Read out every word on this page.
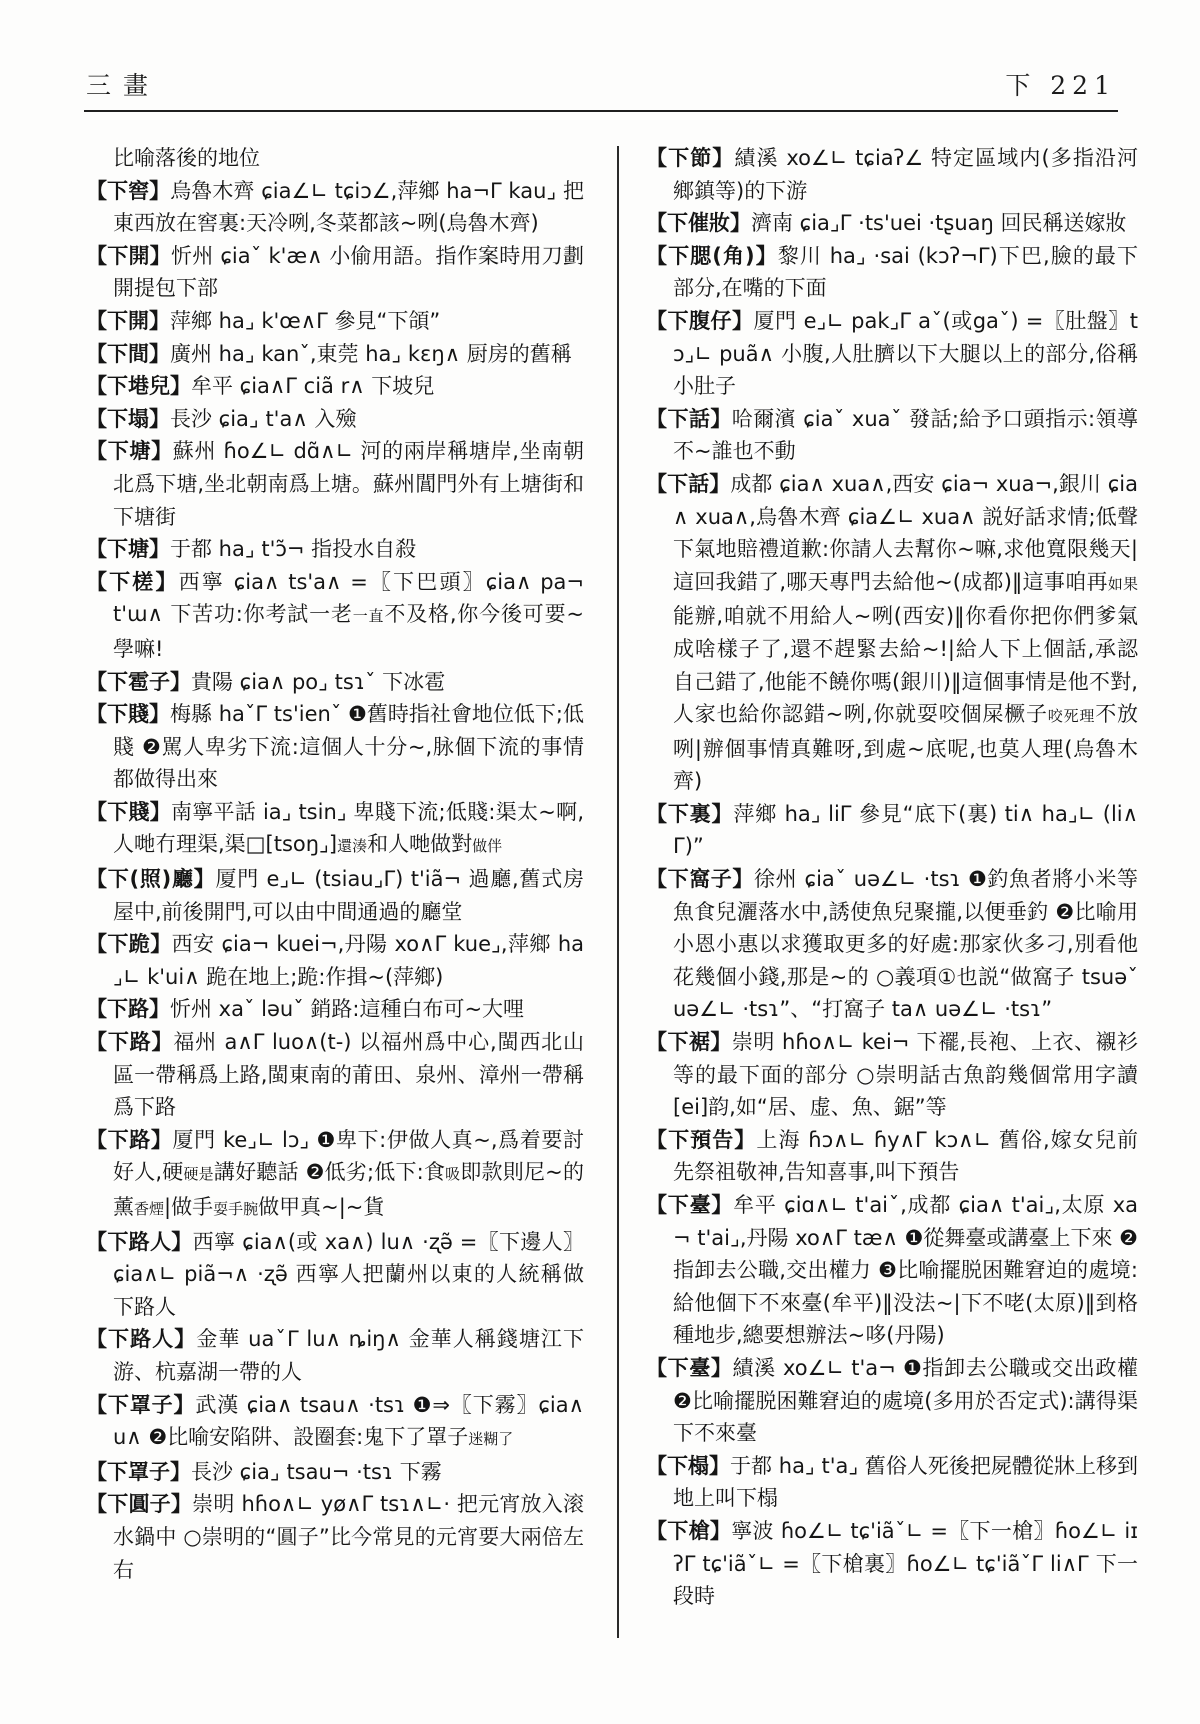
三 畫	下 221

比喻落後的地位

【下窖】烏魯木齊 ɕia∠∟ tɕiɔ∠,萍鄉 ha¬Γ kau⌟ 把東西放在窖裏:天冷咧,冬菜都該~咧(烏魯木齊)

【下開】忻州 ɕiaˇ k'æ∧ 小偷用語。指作案時用刀劃開提包下部

【下開】萍鄉 ha⌟ k'œ∧Γ 參見“下頜”

【下間】廣州 ha⌟ kanˇ,東莞 ha⌟ kɛŋ∧ 厨房的舊稱

【下塂兒】牟平 ɕia∧Γ ciã r∧ 下坡兒

【下塌】長沙 ɕia⌟ t'a∧ 入殮

【下塘】蘇州 ɦo∠∟ dɑ̃∧∟ 河的兩岸稱塘岸,坐南朝北爲下塘,坐北朝南爲上塘。蘇州閶門外有上塘街和下塘街

【下塘】于都 ha⌟ t'ɔ̃¬ 指投水自殺

【下槎】西寧 ɕia∧ ts'a∧ =〖下巴頭〗ɕia∧ pa¬ t'ɯ∧ 下苦功:你考試一老一直不及格,你今後可要~學嘛!

【下雹子】貴陽 ɕia∧ po⌟ tsɿˇ 下冰雹

【下賤】梅縣 haˇΓ ts'ienˇ ❶舊時指社會地位低下;低賤 ❷駡人卑劣下流:這個人十分~,脉個下流的事情都做得出來

【下賤】南寧平話 ia⌟ tsin⌟ 卑賤下流;低賤:渠太~啊,人哋冇理渠,渠□[tsoŋ⌟]還湊和人哋做對做伴

【下(照)廳】厦門 e⌟∟ (tsiau⌟Γ) t'iã¬ 過廳,舊式房屋中,前後開門,可以由中間通過的廳堂

【下跪】西安 ɕia¬ kuei¬,丹陽 xo∧Γ kue⌟,萍鄉 ha⌟∟ k'ui∧ 跪在地上;跪:作揖~(萍鄉)

【下路】忻州 xaˇ ləuˇ 銷路:這種白布可~大哩

【下路】福州 a∧Γ luo∧(t-) 以福州爲中心,閩西北山區一帶稱爲上路,閩東南的莆田、泉州、漳州一帶稱爲下路

【下路】厦門 ke⌟∟ lɔ⌟ ❶卑下:伊做人真~,爲着要討好人,硬硬是講好聽話 ❷低劣;低下:食吸即款則尼~的薰香煙|做手耍手腕做甲真~|~貨

【下路人】西寧 ɕia∧(或 xa∧) lu∧ ·ʐə̃ =〖下邊人〗ɕia∧∟ piã¬∧ ·ʐə̃ 西寧人把蘭州以東的人統稱做下路人

【下路人】金華 uaˇΓ lu∧ ȵiŋ∧ 金華人稱錢塘江下游、杭嘉湖一帶的人

【下罩子】武漢 ɕia∧ tsau∧ ·tsɿ ❶⇒〖下霧〗ɕia∧ u∧ ❷比喻安陷阱、設圈套:鬼下了罩子迷糊了

【下罩子】長沙 ɕia⌟ tsau¬ ·tsɿ 下霧

【下圓子】崇明 hɦo∧∟ yø∧Γ tsɿ∧∟· 把元宵放入滚水鍋中 ○崇明的“圓子”比今常見的元宵要大兩倍左右

【下節】績溪 xo∠∟ tɕiaʔ∠ 特定區域内(多指沿河鄉鎮等)的下游

【下催妝】濟南 ɕia⌟Γ ·ts'uei ·tʂuaŋ 回民稱送嫁妝

【下腮(角)】黎川 ha⌟ ·sai (kɔʔ¬Γ)下巴,臉的最下部分,在嘴的下面

【下腹仔】厦門 e⌟∟ pak⌟Γ aˇ(或gaˇ) =〖肚盤〗tɔ⌟∟ puã∧ 小腹,人肚臍以下大腿以上的部分,俗稱小肚子

【下話】哈爾濱 ɕiaˇ xuaˇ 發話;給予口頭指示:領導不~誰也不動

【下話】成都 ɕia∧ xua∧,西安 ɕia¬ xua¬,銀川 ɕia∧ xua∧,烏魯木齊 ɕia∠∟ xua∧ 説好話求情;低聲下氣地賠禮道歉:你請人去幫你~嘛,求他寬限幾天|這回我錯了,哪天專門去給他~(成都)‖這事咱再如果能辦,咱就不用給人~咧(西安)‖你看你把你們爹氣成啥樣子了,還不趕緊去給~!|給人下上個話,承認自己錯了,他能不饒你嗎(銀川)‖這個事情是他不對,人家也給你認錯~咧,你就耍咬個屎橛子咬死理不放咧|辦個事情真難呀,到處~底呢,也莫人理(烏魯木齊)

【下裏】萍鄉 ha⌟ liΓ 參見“底下(裏) ti∧ ha⌟∟ (li∧Γ)”

【下窩子】徐州 ɕiaˇ uə∠∟ ·tsɿ ❶釣魚者將小米等魚食兒灑落水中,誘使魚兒聚攏,以便垂釣 ❷比喻用小恩小惠以求獲取更多的好處:那家伙多刁,別看他花幾個小錢,那是~的 ○義項①也説“做窩子 tsuəˇ uə∠∟ ·tsɿ”、“打窩子 ta∧ uə∠∟ ·tsɿ”

【下裾】崇明 hɦo∧∟ kei¬ 下襬,長袍、上衣、襯衫等的最下面的部分 ○崇明話古魚韵幾個常用字讀[ei]韵,如“居、虚、魚、鋸”等

【下預告】上海 ɦɔ∧∟ ɦy∧Γ kɔ∧∟ 舊俗,嫁女兒前先祭祖敬神,告知喜事,叫下預告

【下臺】牟平 ɕiɑ∧∟ t'aiˇ,成都 ɕia∧ t'ai⌟,太原 xa¬ t'ai⌟,丹陽 xo∧Γ tæ∧ ❶從舞臺或講臺上下來 ❷指卸去公職,交出權力 ❸比喻擺脱困難窘迫的處境:給他個下不來臺(牟平)‖没法~|下不咾(太原)‖到格種地步,總要想辦法~哆(丹陽)

【下臺】績溪 xo∠∟ t'a¬ ❶指卸去公職或交出政權 ❷比喻擺脱困難窘迫的處境(多用於否定式):講得渠下不來臺

【下榻】于都 ha⌟ t'a⌟ 舊俗人死後把屍體從牀上移到地上叫下榻

【下槍】寧波 ɦo∠∟ tɕ'iãˇ∟ =〖下一槍〗ɦo∠∟ iɪʔΓ tɕ'iãˇ∟ =〖下槍裏〗ɦo∠∟ tɕ'iãˇΓ li∧Γ 下一段時
